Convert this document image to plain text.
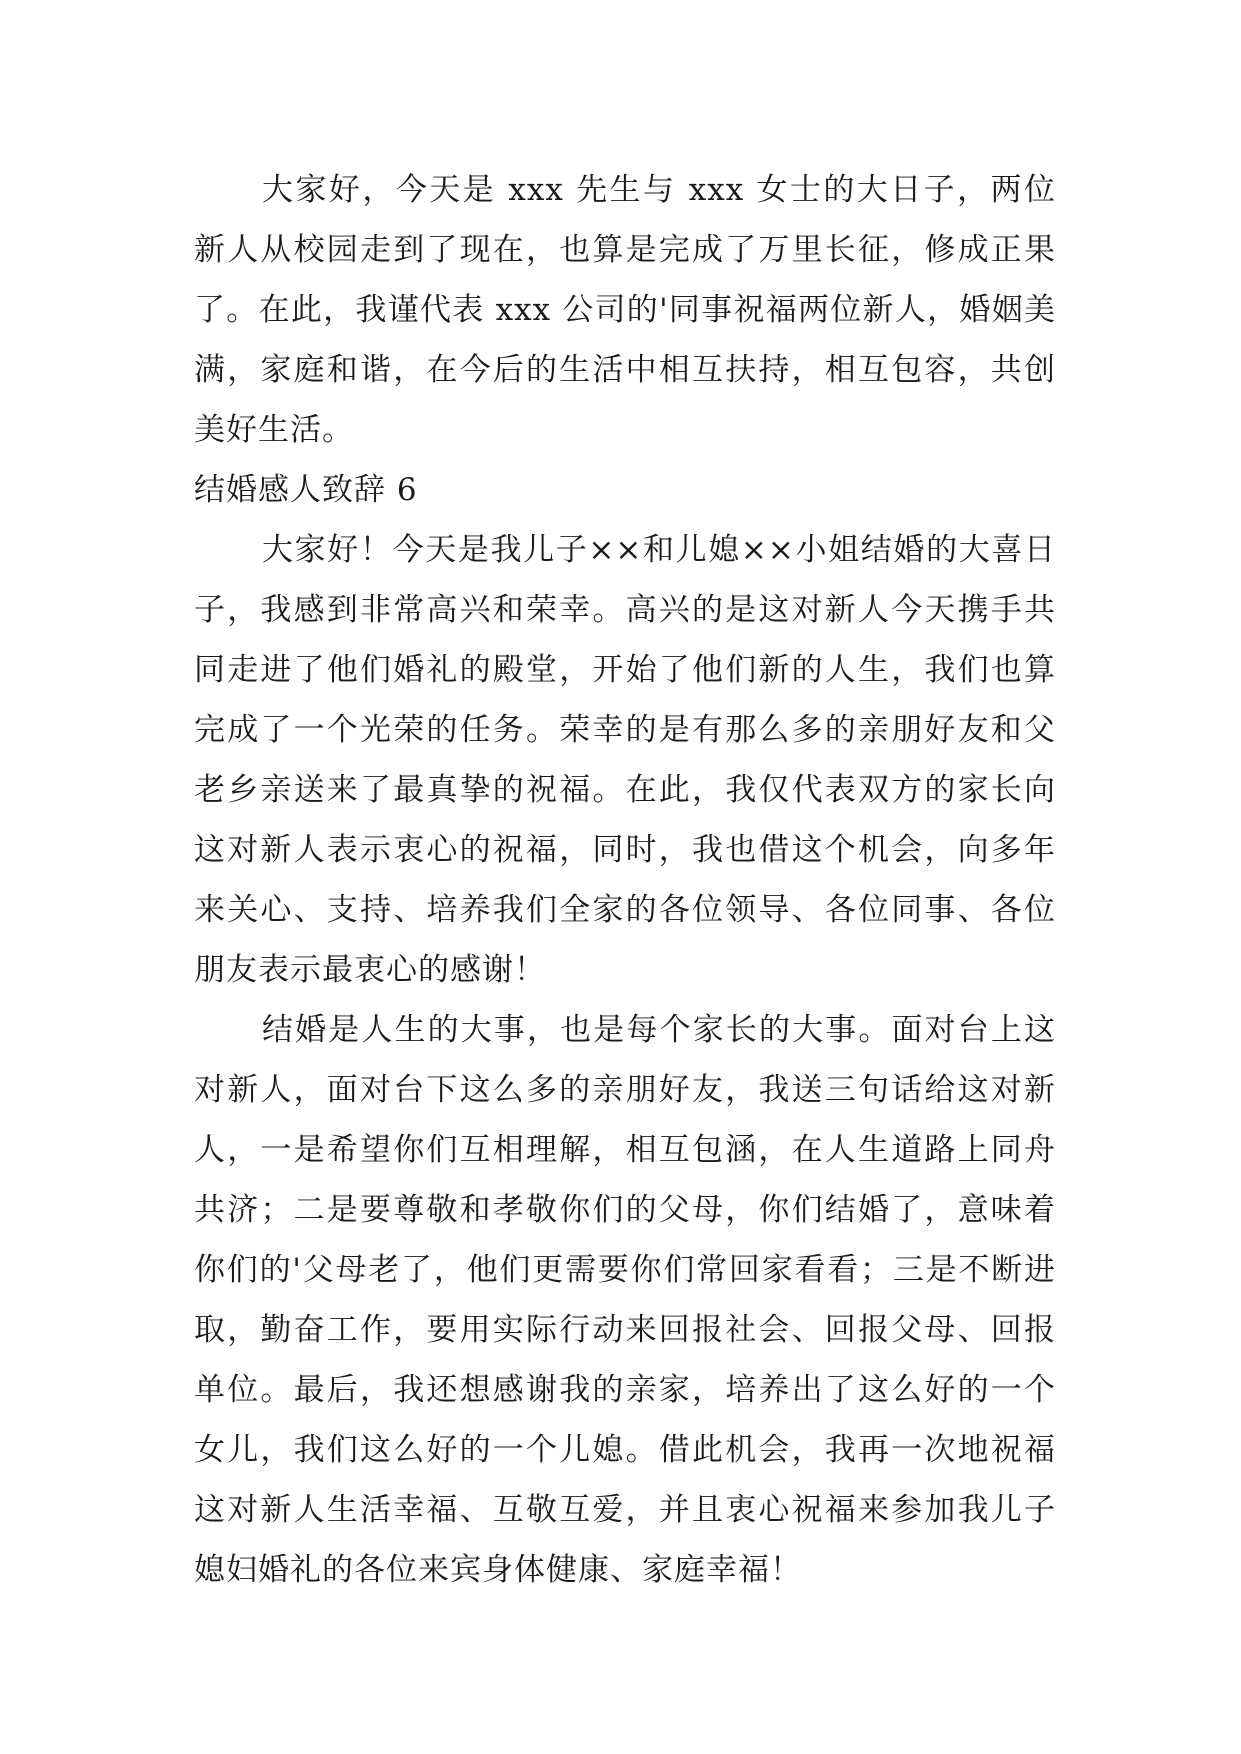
大家好，今天是 xxx 先生与 xxx 女士的大日子，两位新人从校园走到了现在，也算是完成了万里长征，修成正果了。在此，我谨代表 xxx 公司的'同事祝福两位新人，婚姻美满，家庭和谐，在今后的生活中相互扶持，相互包容，共创美好生活。

结婚感人致辞 6

大家好！今天是我儿子××和儿媳××小姐结婚的大喜日子，我感到非常高兴和荣幸。高兴的是这对新人今天携手共同走进了他们婚礼的殿堂，开始了他们新的人生，我们也算完成了一个光荣的任务。荣幸的是有那么多的亲朋好友和父老乡亲送来了最真挚的祝福。在此，我仅代表双方的家长向这对新人表示衷心的祝福，同时，我也借这个机会，向多年来关心、支持、培养我们全家的各位领导、各位同事、各位朋友表示最衷心的感谢！

结婚是人生的大事，也是每个家长的大事。面对台上这对新人，面对台下这么多的亲朋好友，我送三句话给这对新人，一是希望你们互相理解，相互包涵，在人生道路上同舟共济；二是要尊敬和孝敬你们的父母，你们结婚了，意味着你们的'父母老了，他们更需要你们常回家看看；三是不断进取，勤奋工作，要用实际行动来回报社会、回报父母、回报单位。最后，我还想感谢我的亲家，培养出了这么好的一个女儿，我们这么好的一个儿媳。借此机会，我再一次地祝福这对新人生活幸福、互敬互爱，并且衷心祝福来参加我儿子媳妇婚礼的各位来宾身体健康、家庭幸福！
